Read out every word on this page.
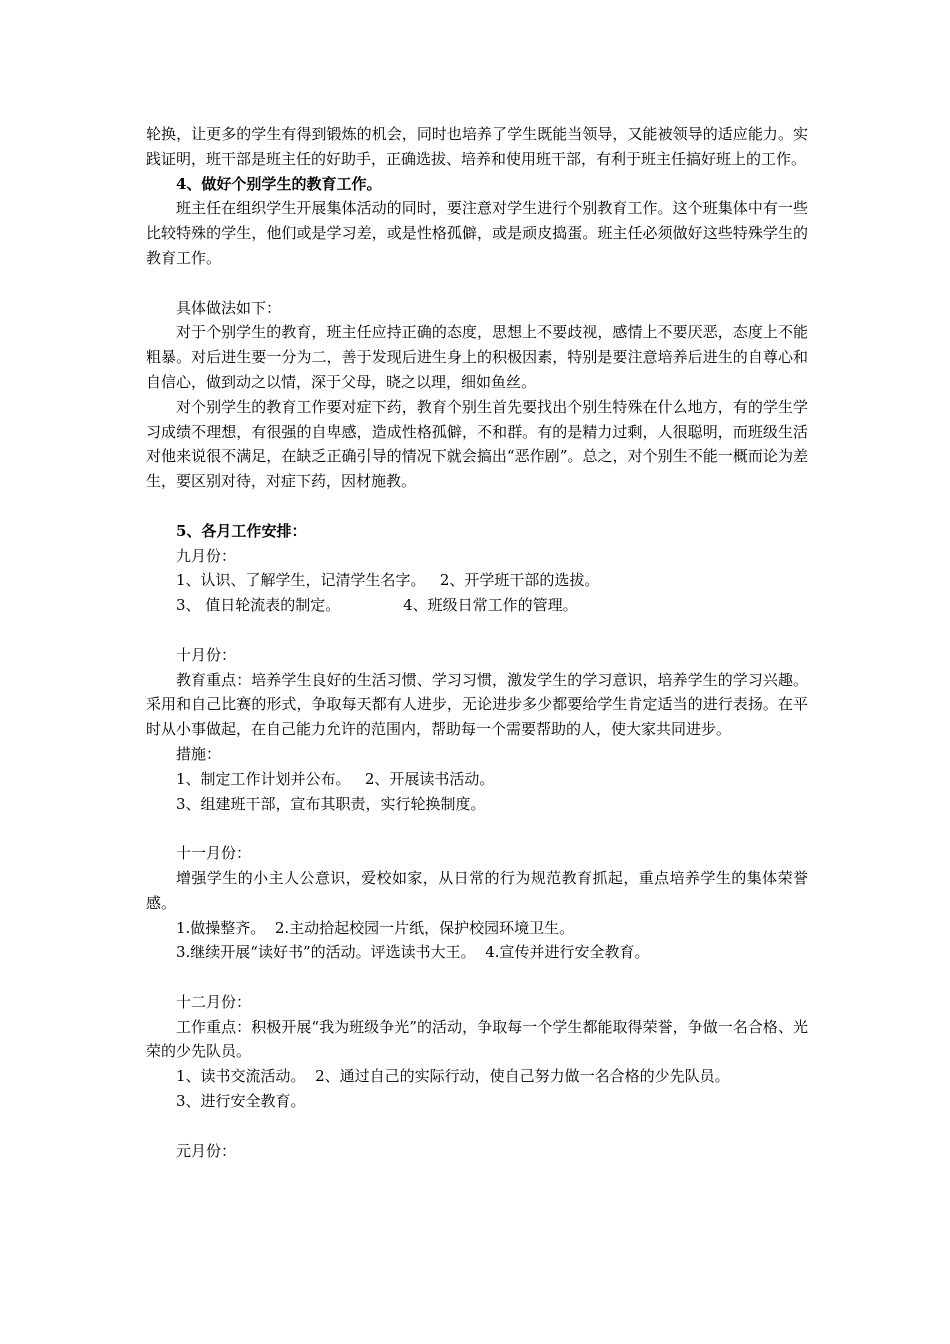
轮换，让更多的学生有得到锻炼的机会，同时也培养了学生既能当领导，又能被领导的适应能力。实践证明，班干部是班主任的好助手，正确选拔、培养和使用班干部，有利于班主任搞好班上的工作。

4、做好个别学生的教育工作。

班主任在组织学生开展集体活动的同时，要注意对学生进行个别教育工作。这个班集体中有一些比较特殊的学生，他们或是学习差，或是性格孤僻，或是顽皮捣蛋。班主任必须做好这些特殊学生的教育工作。

具体做法如下：

对于个别学生的教育，班主任应持正确的态度，思想上不要歧视，感情上不要厌恶，态度上不能粗暴。对后进生要一分为二，善于发现后进生身上的积极因素，特别是要注意培养后进生的自尊心和自信心，做到动之以情，深于父母，晓之以理，细如鱼丝。

对个别学生的教育工作要对症下药，教育个别生首先要找出个别生特殊在什么地方，有的学生学习成绩不理想，有很强的自卑感，造成性格孤僻，不和群。有的是精力过剩，人很聪明，而班级生活对他来说很不满足，在缺乏正确引导的情况下就会搞出“恶作剧”。总之，对个别生不能一概而论为差生，要区别对待，对症下药，因材施教。

5、各月工作安排：

九月份：

1、认识、了解学生，记清学生名字。 2、开学班干部的选拔。

3、 值日轮流表的制定。	4、班级日常工作的管理。

十月份：

教育重点：培养学生良好的生活习惯、学习习惯，激发学生的学习意识，培养学生的学习兴趣。采用和自己比赛的形式，争取每天都有人进步，无论进步多少都要给学生肯定适当的进行表扬。在平时从小事做起，在自己能力允许的范围内，帮助每一个需要帮助的人，使大家共同进步。

措施：

1、制定工作计划并公布。 2、开展读书活动。

3、组建班干部，宣布其职责，实行轮换制度。

十一月份：

增强学生的小主人公意识，爱校如家，从日常的行为规范教育抓起，重点培养学生的集体荣誉感。

1.做操整齐。 2.主动拾起校园一片纸，保护校园环境卫生。

3.继续开展“读好书”的活动。评选读书大王。 4.宣传并进行安全教育。

十二月份：

工作重点：积极开展“我为班级争光”的活动，争取每一个学生都能取得荣誉，争做一名合格、光荣的少先队员。

1、读书交流活动。 2、通过自己的实际行动，使自己努力做一名合格的少先队员。

3、进行安全教育。

元月份：
